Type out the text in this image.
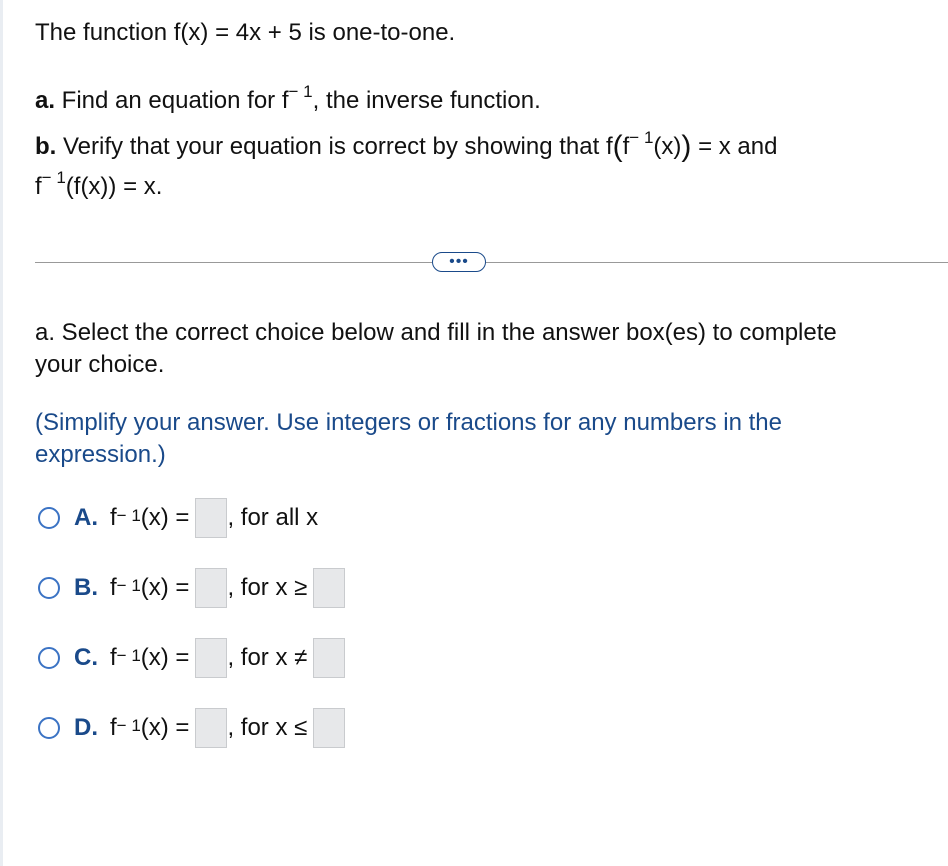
The function f(x) = 4x + 5 is one-to-one.
a. Find an equation for $f^{- 1}$, the inverse function.
b. Verify that your equation is correct by showing that $f(f^{- 1}(x)) = x$ and
$f^{- 1}(f(x)) = x$.
•••
a. Select the correct choice below and fill in the answer box(es) to complete
your choice.
(Simplify your answer. Use integers or fractions for any numbers in the
expression.)
A. $f^{- 1}$ (x) = , for all x
B. $f^{- 1}$ (x) = , for x ≥
C. $f^{- 1}$ (x) = , for x ≠
D. $f^{- 1}$ (x) = , for x ≤
